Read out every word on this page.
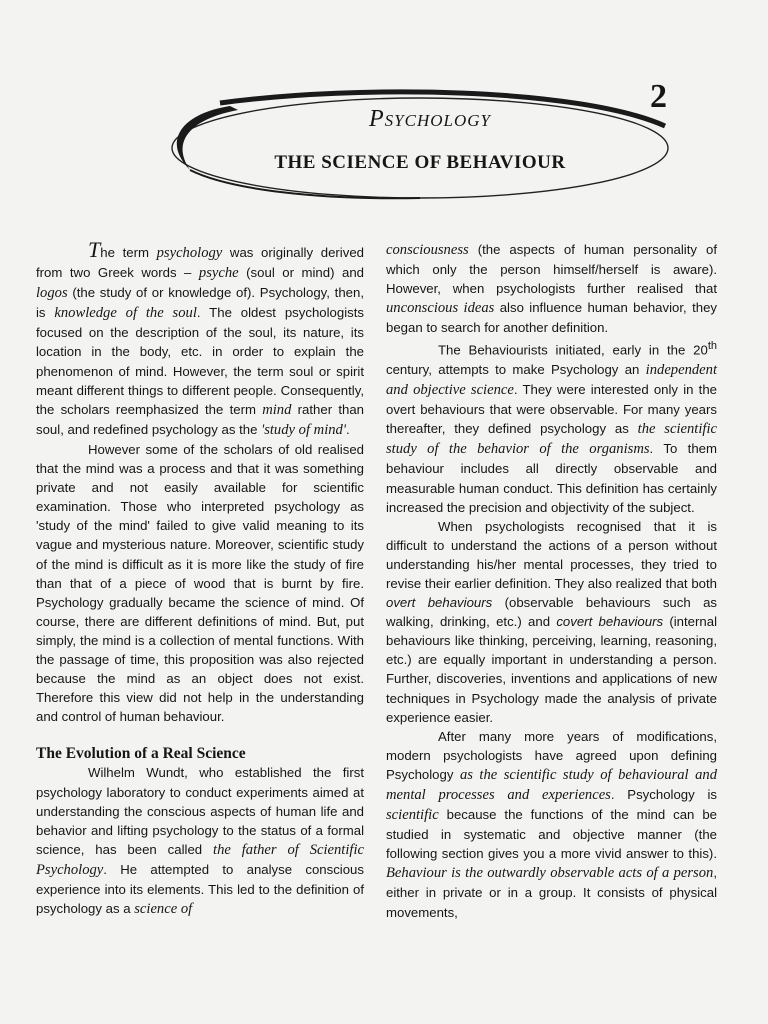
2
Psychology
THE SCIENCE OF BEHAVIOUR

The term psychology was originally derived from two Greek words – psyche (soul or mind) and logos (the study of or knowledge of). Psychology, then, is knowledge of the soul. The oldest psychologists focused on the description of the soul, its nature, its location in the body, etc. in order to explain the phenomenon of mind. However, the term soul or spirit meant different things to different people. Consequently, the scholars reemphasized the term mind rather than soul, and redefined psychology as the 'study of mind'.

However some of the scholars of old realised that the mind was a process and that it was something private and not easily available for scientific examination. Those who interpreted psychology as 'study of the mind' failed to give valid meaning to its vague and mysterious nature. Moreover, scientific study of the mind is difficult as it is more like the study of fire than that of a piece of wood that is burnt by fire. Psychology gradually became the science of mind. Of course, there are different definitions of mind. But, put simply, the mind is a collection of mental functions. With the passage of time, this proposition was also rejected because the mind as an object does not exist. Therefore this view did not help in the understanding and control of human behaviour.

The Evolution of a Real Science

Wilhelm Wundt, who established the first psychology laboratory to conduct experiments aimed at understanding the conscious aspects of human life and behavior and lifting psychology to the status of a formal science, has been called the father of Scientific Psychology. He attempted to analyse conscious experience into its elements. This led to the definition of psychology as a science of

consciousness (the aspects of human personality of which only the person himself/herself is aware). However, when psychologists further realised that unconscious ideas also influence human behavior, they began to search for another definition.

The Behaviourists initiated, early in the 20th century, attempts to make Psychology an independent and objective science. They were interested only in the overt behaviours that were observable. For many years thereafter, they defined psychology as the scientific study of the behavior of the organisms. To them behaviour includes all directly observable and measurable human conduct. This definition has certainly increased the precision and objectivity of the subject.

When psychologists recognised that it is difficult to understand the actions of a person without understanding his/her mental processes, they tried to revise their earlier definition. They also realized that both overt behaviours (observable behaviours such as walking, drinking, etc.) and covert behaviours (internal behaviours like thinking, perceiving, learning, reasoning, etc.) are equally important in understanding a person. Further, discoveries, inventions and applications of new techniques in Psychology made the analysis of private experience easier.

After many more years of modifications, modern psychologists have agreed upon defining Psychology as the scientific study of behavioural and mental processes and experiences. Psychology is scientific because the functions of the mind can be studied in systematic and objective manner (the following section gives you a more vivid answer to this). Behaviour is the outwardly observable acts of a person, either in private or in a group. It consists of physical movements,
